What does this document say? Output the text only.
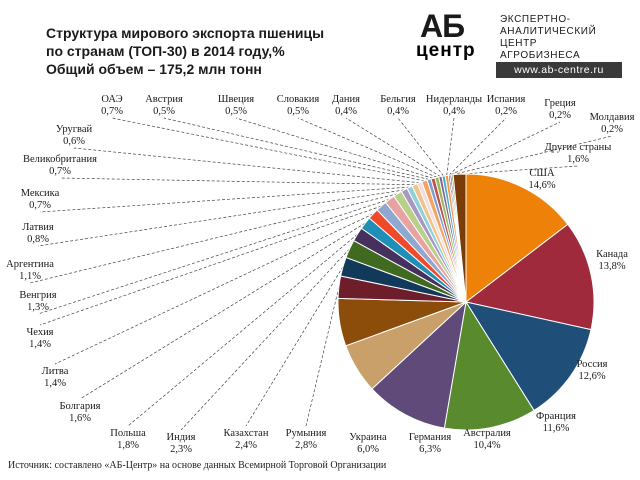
Структура мирового экспорта пшеницы
по странам (ТОП-30) в 2014 году,%
Общий объем – 175,2 млн тонн
АБ
центр
ЭКСПЕРТНО-
АНАЛИТИЧЕСКИЙ
ЦЕНТР
АГРОБИЗНЕСА
www.ab-centre.ru
США
14,6%
Канада
13,8%
Россия
12,6%
Франция
11,6%
Австралия
10,4%
Германия
6,3%
Украина
6,0%
Румыния
2,8%
Казахстан
2,4%
Индия
2,3%
Польша
1,8%
Болгария
1,6%
Литва
1,4%
Чехия
1,4%
Венгрия
1,3%
Аргентина
1,1%
Латвия
0,8%
Мексика
0,7%
Великобритания
0,7%
Уругвай
0,6%
ОАЭ
0,7%
Австрия
0,5%
Швеция
0,5%
Словакия
0,5%
Дания
0,4%
Бельгия
0,4%
Нидерланды
0,4%
Испания
0,2%
Греция
0,2% Молдавия
0,2%
Другие страны
1,6%
Источник: составлено «АБ-Центр» на основе данных Всемирной Торговой Организации
